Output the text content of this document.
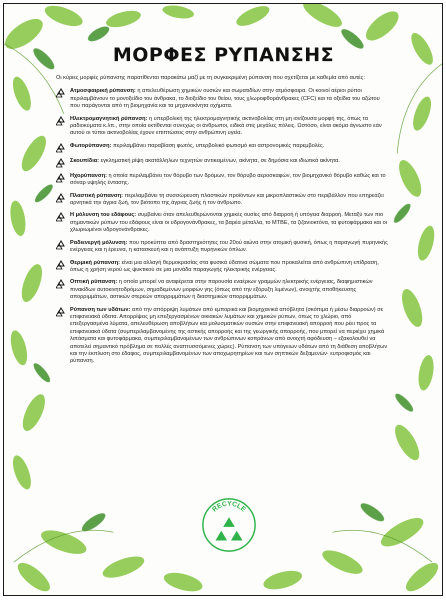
ΜΟΡΦΕΣ ΡΥΠΑΝΣΗΣ

Οι κύριες μορφές ρύπανσης παρατίθενται παρακάτω μαζί με τη συγκεκριμένη ρύπανση που σχετίζεται με καθεμία από αυτές:

Ατμοσφαιρική ρύπανση: η απελευθέρωση χημικών ουσιών και σωματιδίων στην ατμόσφαιρα. Οι κοινοί αέριοι ρύποι περιλαμβάνουν το μονοξείδιο του άνθρακα, το διοξείδιο του θείου, τους χλωροφθοράνθρακες (CFC) και τα οξείδια του αζώτου που παράγονται από τη βιομηχανία και τα μηχανοκίνητα οχήματα.
Ηλεκτρομαγνητική ρύπανση: η υπερβολική της ηλεκτρομαγνητικής ακτινοβολίας στη μη ιονίζουσα μορφή της, όπως τα ραδιοκύματα κ.λπ., στην οποία εκτίθενται συνεχώς οι άνθρωποι, ειδικά στις μεγάλες πόλεις. Ωστόσο, είναι ακόμα άγνωστο εάν αυτού οι τύποι ακτινοβολίας έχουν επιπτώσεις στην ανθρώπινη υγεία.
Φωτορύπανση: περιλαμβάνει παραβίαση φωτός, υπερβολικό φωτισμό και αστρονομικές παρεμβολές.
Σκουπίδια: εγκληματική ρίψη ακατάλληλων τεχνητών αντικειμένων, ακίνητα, σε δημόσια και ιδιωτικά ακίνητα.
Ηχορύπανση: η οποία περιλαμβάνει τον θόρυβο των δρόμων, τον θόρυβο αεροσκαφών, τον βιομηχανικό θόρυβο καθώς και το σόναρ υψηλής έντασης.
Πλαστική ρύπανση: περιλαμβάνει τη συσσώρευση πλαστικών προϊόντων και μικροπλαστικών στο περιβάλλον που επηρεάζει αρνητικά την άγρια ζωή, τον βιότοπο της άγριας ζωής ή τον άνθρωπο.
Η μόλυνση του εδάφους: συμβαίνει όταν απελευθερώνονται χημικές ουσίες από διαρροή ή υπόγεια διαρροή. Μεταξύ των πιο σημαντικών ρύπων του εδάφους είναι οι υδρογονάνθρακες, τα βαρέα μέταλλα, το ΜΤΒΕ, τα ζιζανιοκτόνα, τα φυτοφάρμακα και οι χλωριωμένοι υδρογονάνθρακες.
Ραδιενεργή μόλυνση: που προκύπτει από δραστηριότητες του 20ού αιώνα στην ατομική φυσική, όπως η παραγωγή πυρηνικής ενέργειας και η έρευνα, η κατασκευή και η ανάπτυξη πυρηνικών όπλων.
Θερμική ρύπανση: είναι μια αλλαγή θερμοκρασίας στα φυσικά ύδατινα σώματα που προκαλείται από ανθρώπινη επίδραση, όπως η χρήση νερού ως ψυκτικού σε μια μονάδα παραγωγής ηλεκτρικής ενέργειας.
Οπτική ρύπανση: η οποία μπορεί να αναφέρεται στην παρουσία εναέριων γραμμών ηλεκτρικής ενέργειας, διαφημιστικών πινακίδων αυτοκινητοδρόμων, σημαδεμένων μορφών γης (όπως από την εξόρυξη λιμένων), ανοιχτής αποθήκευσης απορριμμάτων, αστικών στερεών απορριμμάτων ή διαστημικών απορριμμάτων.
Ρύπανση των υδάτων: από την απόρριψη λυμάτων από εμπορικά και βιομηχανικά απόβλητα (σκόπιμα ή μέσω διαρροών) σε επιφανειακά ύδατα. Απορρίψεις μη επεξεργασμένων οικιακών λυμάτων και χημικών ρύπων, όπως το χλώριο, από επεξεργασμένα λύματα, απελευθέρωση αποβλήτων και μολυσματικών ουσιών στην επιφανειακή απορροή που ρέει προς τα επιφανειακά ύδατα (συμπεριλαμβανομένης της αστικής απορροής και της γεωργικής απορροής, που μπορεί να περιέχει χημικά λιπάσματα και φυτοφάρμακα, συμπεριλαμβανομένων των ανθρώπινων κοπράνων από ανοιχτή αφόδευση – εξακολουθεί να αποτελεί σημαντικό πρόβλημα σε πολλές αναπτυσσόμενες χώρες). Ρύπανση των υπόγειων υδάτων από τη διάθεση αποβλήτων και την έκπλυση στο έδαφος, συμπεριλαμβανομένων των αποχωρητηρίων και των σηπτικών δεξαμενών· ευτροφισμός και ρύπανση.
RECYCLE
